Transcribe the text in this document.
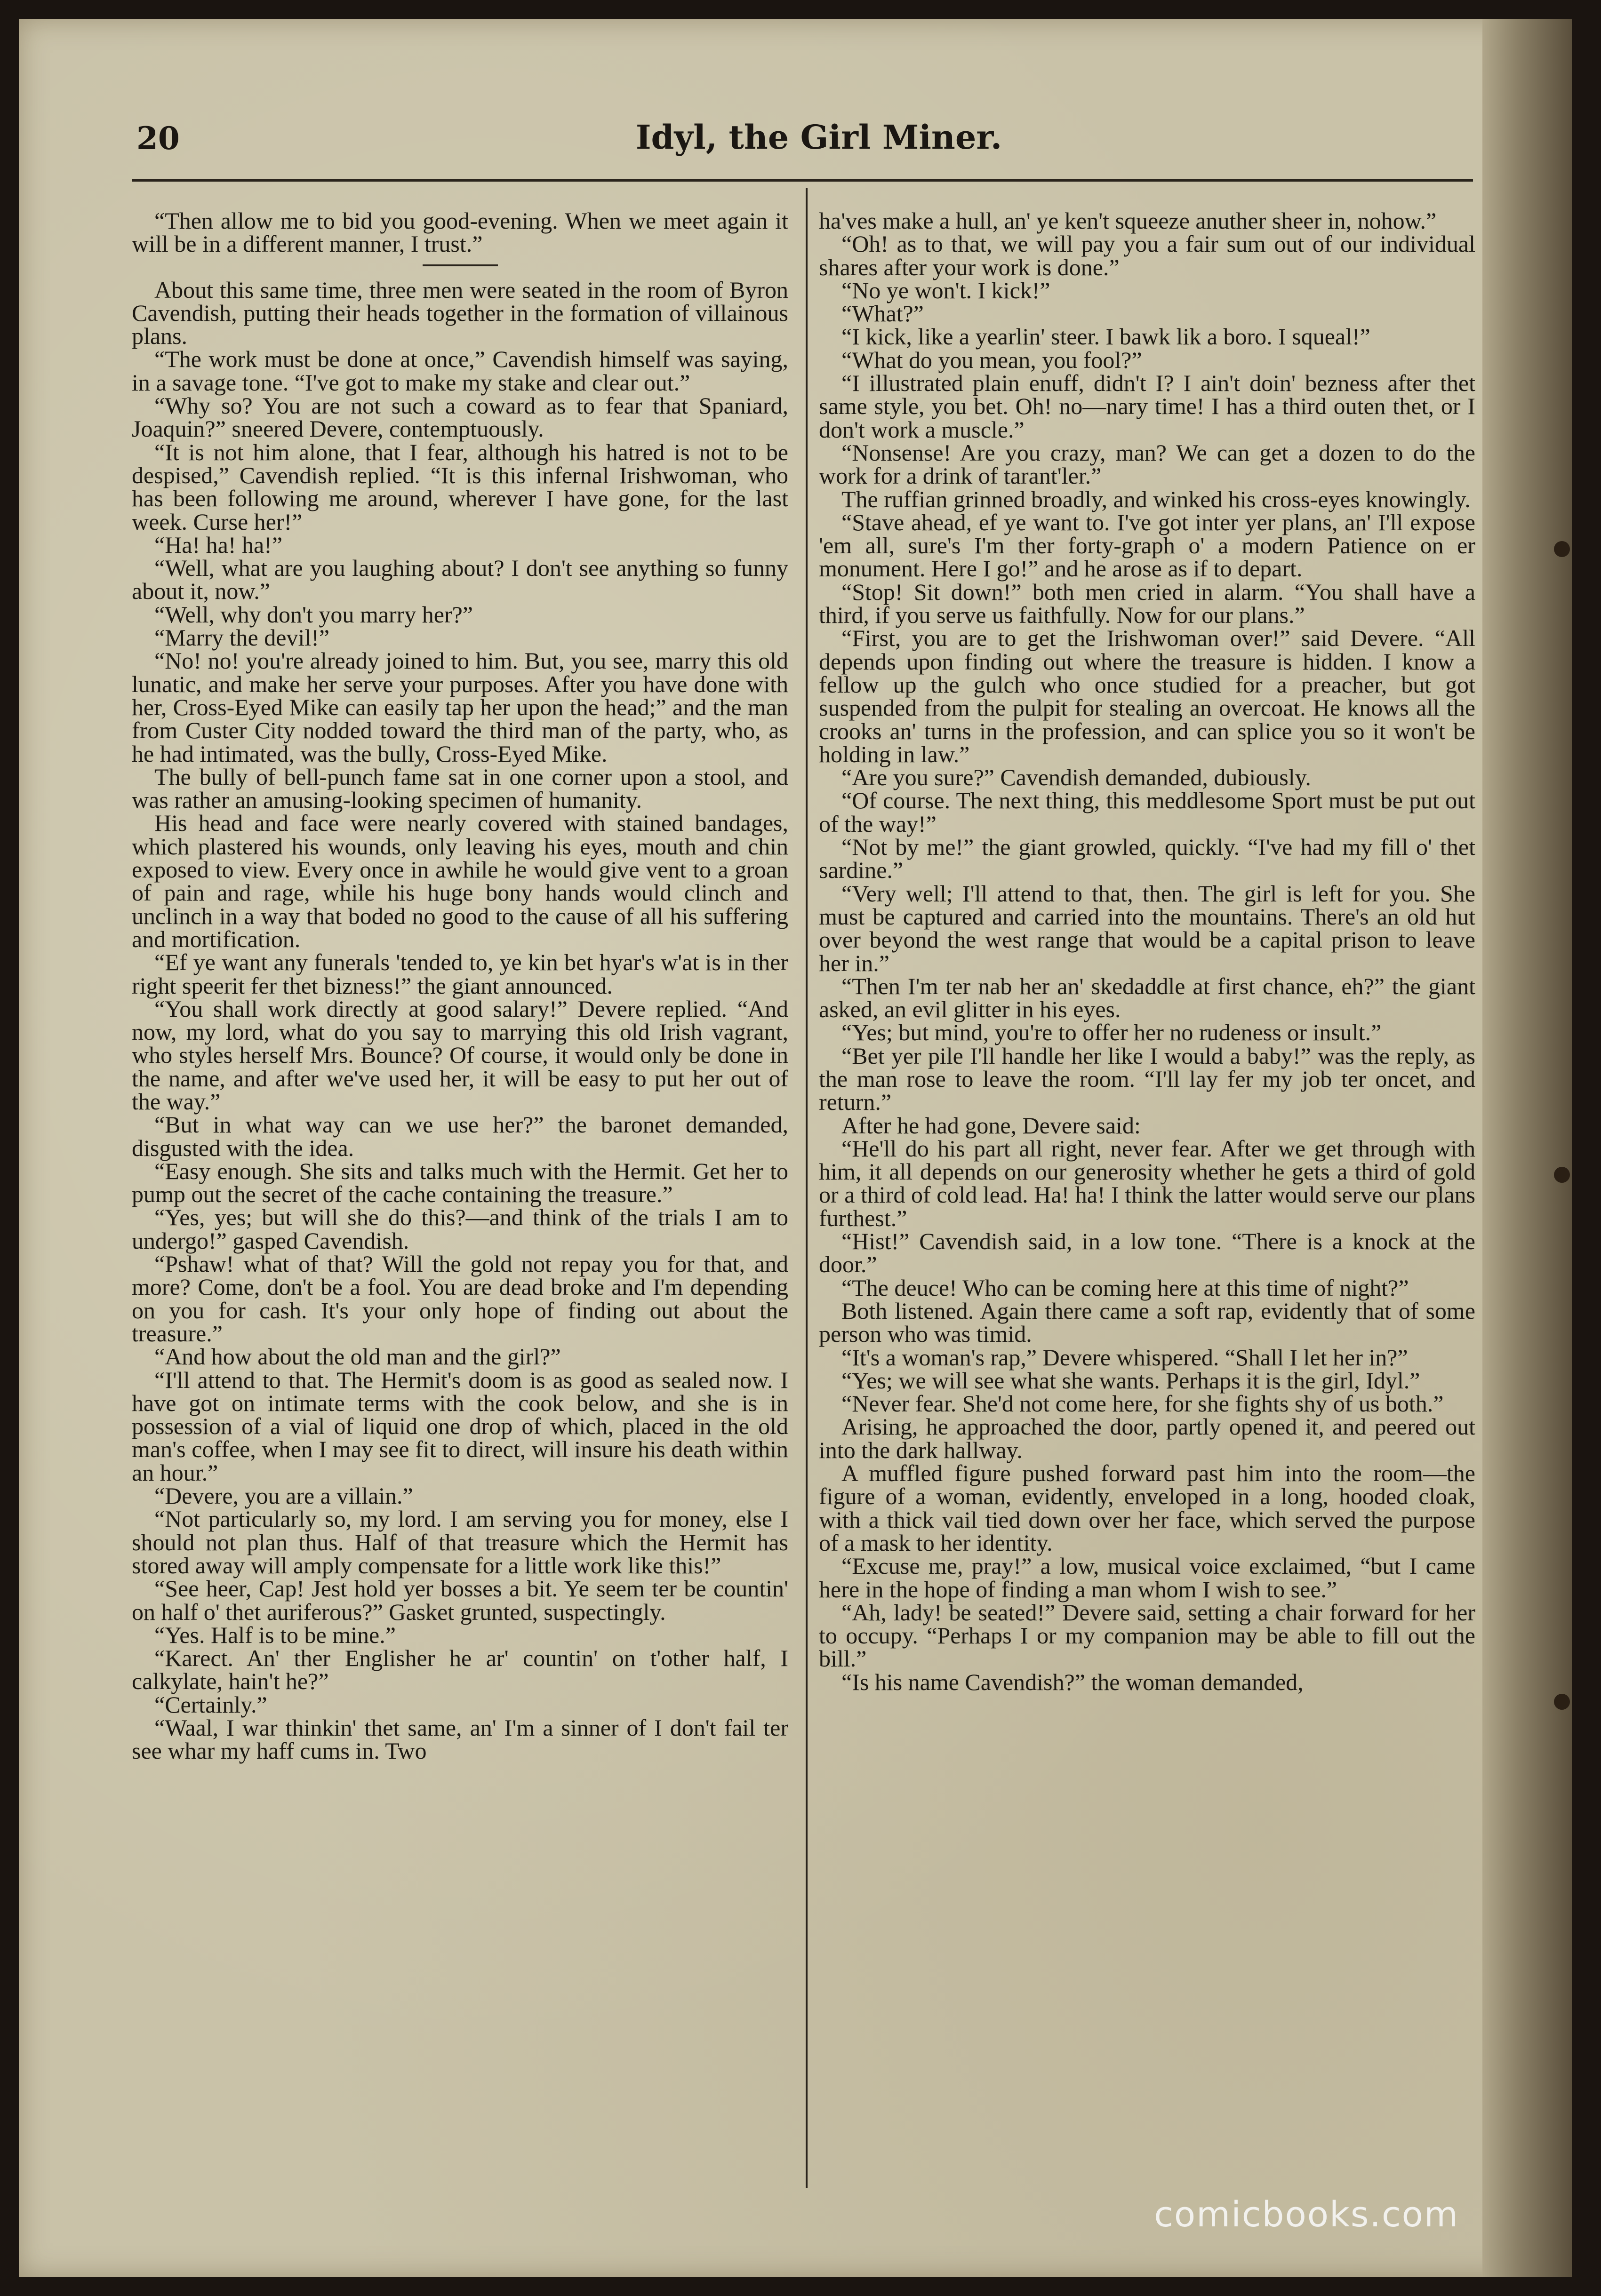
20	Idyl, the Girl Miner.

“Then allow me to bid you good-evening. When we meet again it will be in a different manner, I trust.”

About this same time, three men were seated in the room of Byron Cavendish, putting their heads together in the formation of villainous plans.

“The work must be done at once,” Cavendish himself was saying, in a savage tone. “I've got to make my stake and clear out.”

“Why so? You are not such a coward as to fear that Spaniard, Joaquin?” sneered Devere, contemptuously.

“It is not him alone, that I fear, although his hatred is not to be despised,” Cavendish replied. “It is this infernal Irishwoman, who has been following me around, wherever I have gone, for the last week. Curse her!”

“Ha! ha! ha!”

“Well, what are you laughing about? I don't see anything so funny about it, now.”

“Well, why don't you marry her?”

“Marry the devil!”

“No! no! you're already joined to him. But, you see, marry this old lunatic, and make her serve your purposes. After you have done with her, Cross-Eyed Mike can easily tap her upon the head;” and the man from Custer City nodded toward the third man of the party, who, as he had intimated, was the bully, Cross-Eyed Mike.

The bully of bell-punch fame sat in one corner upon a stool, and was rather an amusing-looking specimen of humanity.

His head and face were nearly covered with stained bandages, which plastered his wounds, only leaving his eyes, mouth and chin exposed to view. Every once in awhile he would give vent to a groan of pain and rage, while his huge bony hands would clinch and unclinch in a way that boded no good to the cause of all his suffering and mortification.

“Ef ye want any funerals 'tended to, ye kin bet hyar's w'at is in ther right speerit fer thet bizness!” the giant announced.

“You shall work directly at good salary!” Devere replied. “And now, my lord, what do you say to marrying this old Irish vagrant, who styles herself Mrs. Bounce? Of course, it would only be done in the name, and after we've used her, it will be easy to put her out of the way.”

“But in what way can we use her?” the baronet demanded, disgusted with the idea.

“Easy enough. She sits and talks much with the Hermit. Get her to pump out the secret of the cache containing the treasure.”

“Yes, yes; but will she do this?—and think of the trials I am to undergo!” gasped Cavendish.

“Pshaw! what of that? Will the gold not repay you for that, and more? Come, don't be a fool. You are dead broke and I'm depending on you for cash. It's your only hope of finding out about the treasure.”

“And how about the old man and the girl?”

“I'll attend to that. The Hermit's doom is as good as sealed now. I have got on intimate terms with the cook below, and she is in possession of a vial of liquid one drop of which, placed in the old man's coffee, when I may see fit to direct, will insure his death within an hour.”

“Devere, you are a villain.”

“Not particularly so, my lord. I am serving you for money, else I should not plan thus. Half of that treasure which the Hermit has stored away will amply compensate for a little work like this!”

“See heer, Cap! Jest hold yer bosses a bit. Ye seem ter be countin' on half o' thet auriferous?” Gasket grunted, suspectingly.

“Yes. Half is to be mine.”

“Karect. An' ther Englisher he ar' countin' on t'other half, I calkylate, hain't he?”

“Certainly.”

“Waal, I war thinkin' thet same, an' I'm a sinner of I don't fail ter see whar my haff cums in. Two

ha'ves make a hull, an' ye ken't squeeze anuther sheer in, nohow.”

“Oh! as to that, we will pay you a fair sum out of our individual shares after your work is done.”

“No ye won't. I kick!”

“What?”

“I kick, like a yearlin' steer. I bawk lik a boro. I squeal!”

“What do you mean, you fool?”

“I illustrated plain enuff, didn't I? I ain't doin' bezness after thet same style, you bet. Oh! no—nary time! I has a third outen thet, or I don't work a muscle.”

“Nonsense! Are you crazy, man? We can get a dozen to do the work for a drink of tarant'ler.”

The ruffian grinned broadly, and winked his cross-eyes knowingly.

“Stave ahead, ef ye want to. I've got inter yer plans, an' I'll expose 'em all, sure's I'm ther forty-graph o' a modern Patience on er monument. Here I go!” and he arose as if to depart.

“Stop! Sit down!” both men cried in alarm. “You shall have a third, if you serve us faithfully. Now for our plans.”

“First, you are to get the Irishwoman over!” said Devere. “All depends upon finding out where the treasure is hidden. I know a fellow up the gulch who once studied for a preacher, but got suspended from the pulpit for stealing an overcoat. He knows all the crooks an' turns in the profession, and can splice you so it won't be holding in law.”

“Are you sure?” Cavendish demanded, dubiously.

“Of course. The next thing, this meddlesome Sport must be put out of the way!”

“Not by me!” the giant growled, quickly. “I've had my fill o' thet sardine.”

“Very well; I'll attend to that, then. The girl is left for you. She must be captured and carried into the mountains. There's an old hut over beyond the west range that would be a capital prison to leave her in.”

“Then I'm ter nab her an' skedaddle at first chance, eh?” the giant asked, an evil glitter in his eyes.

“Yes; but mind, you're to offer her no rudeness or insult.”

“Bet yer pile I'll handle her like I would a baby!” was the reply, as the man rose to leave the room. “I'll lay fer my job ter oncet, and return.”

After he had gone, Devere said:

“He'll do his part all right, never fear. After we get through with him, it all depends on our generosity whether he gets a third of gold or a third of cold lead. Ha! ha! I think the latter would serve our plans furthest.”

“Hist!” Cavendish said, in a low tone. “There is a knock at the door.”

“The deuce! Who can be coming here at this time of night?”

Both listened. Again there came a soft rap, evidently that of some person who was timid.

“It's a woman's rap,” Devere whispered. “Shall I let her in?”

“Yes; we will see what she wants. Perhaps it is the girl, Idyl.”

“Never fear. She'd not come here, for she fights shy of us both.”

Arising, he approached the door, partly opened it, and peered out into the dark hallway.

A muffled figure pushed forward past him into the room—the figure of a woman, evidently, enveloped in a long, hooded cloak, with a thick vail tied down over her face, which served the purpose of a mask to her identity.

“Excuse me, pray!” a low, musical voice exclaimed, “but I came here in the hope of finding a man whom I wish to see.”

“Ah, lady! be seated!” Devere said, setting a chair forward for her to occupy. “Perhaps I or my companion may be able to fill out the bill.”

“Is his name Cavendish?” the woman demanded,

comicbooks.com
